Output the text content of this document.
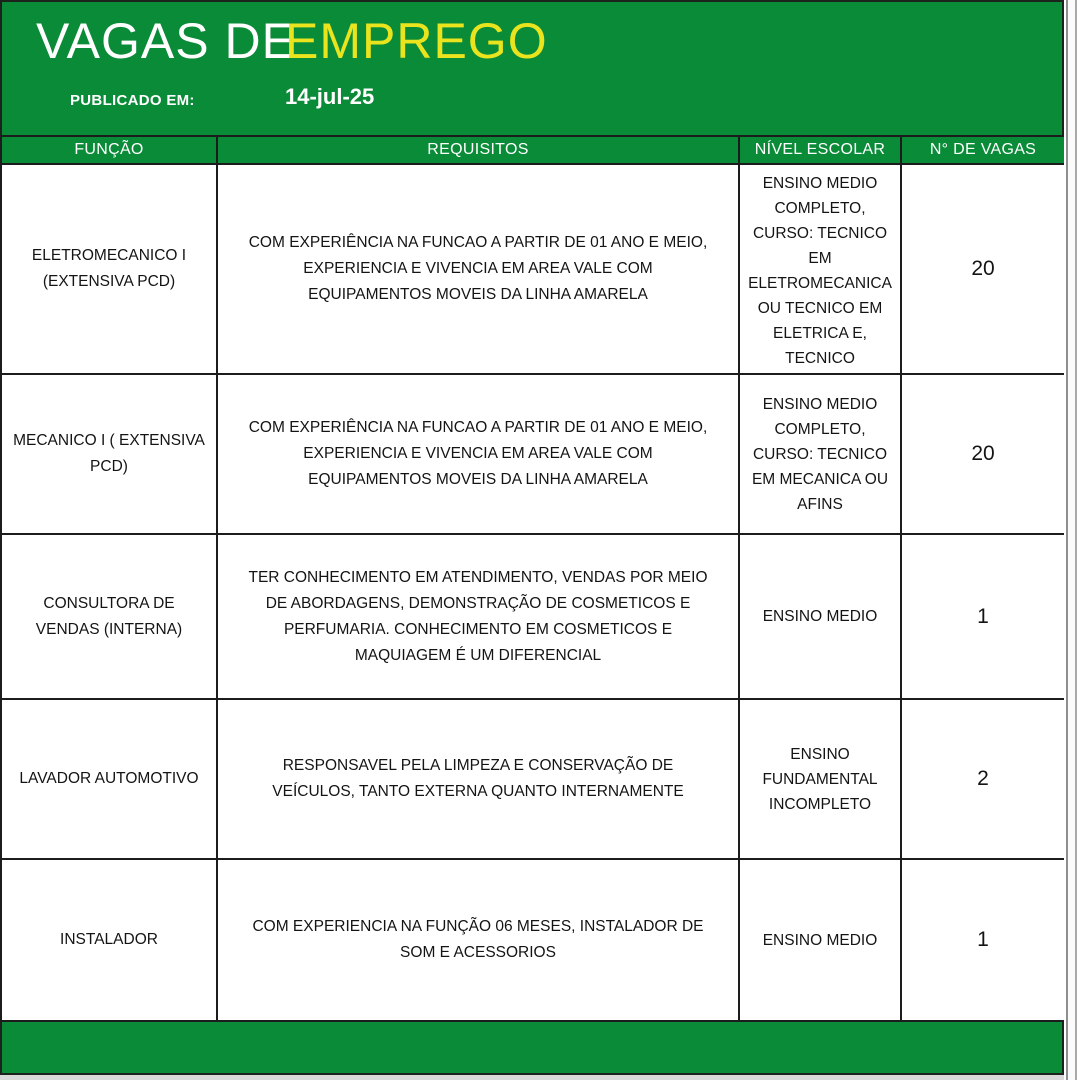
VAGAS DE
EMPREGO
PUBLICADO EM:	14-jul-25
FUNÇÃO	REQUISITOS	NÍVEL ESCOLAR	N° DE VAGAS
ELETROMECANICO I (EXTENSIVA PCD)	COM EXPERIÊNCIA NA FUNCAO A PARTIR DE 01 ANO E MEIO, EXPERIENCIA E VIVENCIA EM AREA VALE COM EQUIPAMENTOS MOVEIS DA LINHA AMARELA	ENSINO MEDIO COMPLETO, CURSO: TECNICO EM ELETROMECANICA OU TECNICO EM ELETRICA E, TECNICO	20
MECANICO I ( EXTENSIVA PCD)	COM EXPERIÊNCIA NA FUNCAO A PARTIR DE 01 ANO E MEIO, EXPERIENCIA E VIVENCIA EM AREA VALE COM EQUIPAMENTOS MOVEIS DA LINHA AMARELA	ENSINO MEDIO COMPLETO, CURSO: TECNICO EM MECANICA OU AFINS	20
CONSULTORA DE VENDAS (INTERNA)	TER CONHECIMENTO EM ATENDIMENTO, VENDAS POR MEIO DE ABORDAGENS, DEMONSTRAÇÃO DE COSMETICOS E PERFUMARIA. CONHECIMENTO EM COSMETICOS E MAQUIAGEM É UM DIFERENCIAL	ENSINO MEDIO	1
LAVADOR AUTOMOTIVO	RESPONSAVEL PELA LIMPEZA E CONSERVAÇÃO DE VEÍCULOS, TANTO EXTERNA QUANTO INTERNAMENTE	ENSINO FUNDAMENTAL INCOMPLETO	2
INSTALADOR	COM EXPERIENCIA NA FUNÇÃO 06 MESES, INSTALADOR DE SOM E ACESSORIOS	ENSINO MEDIO	1
